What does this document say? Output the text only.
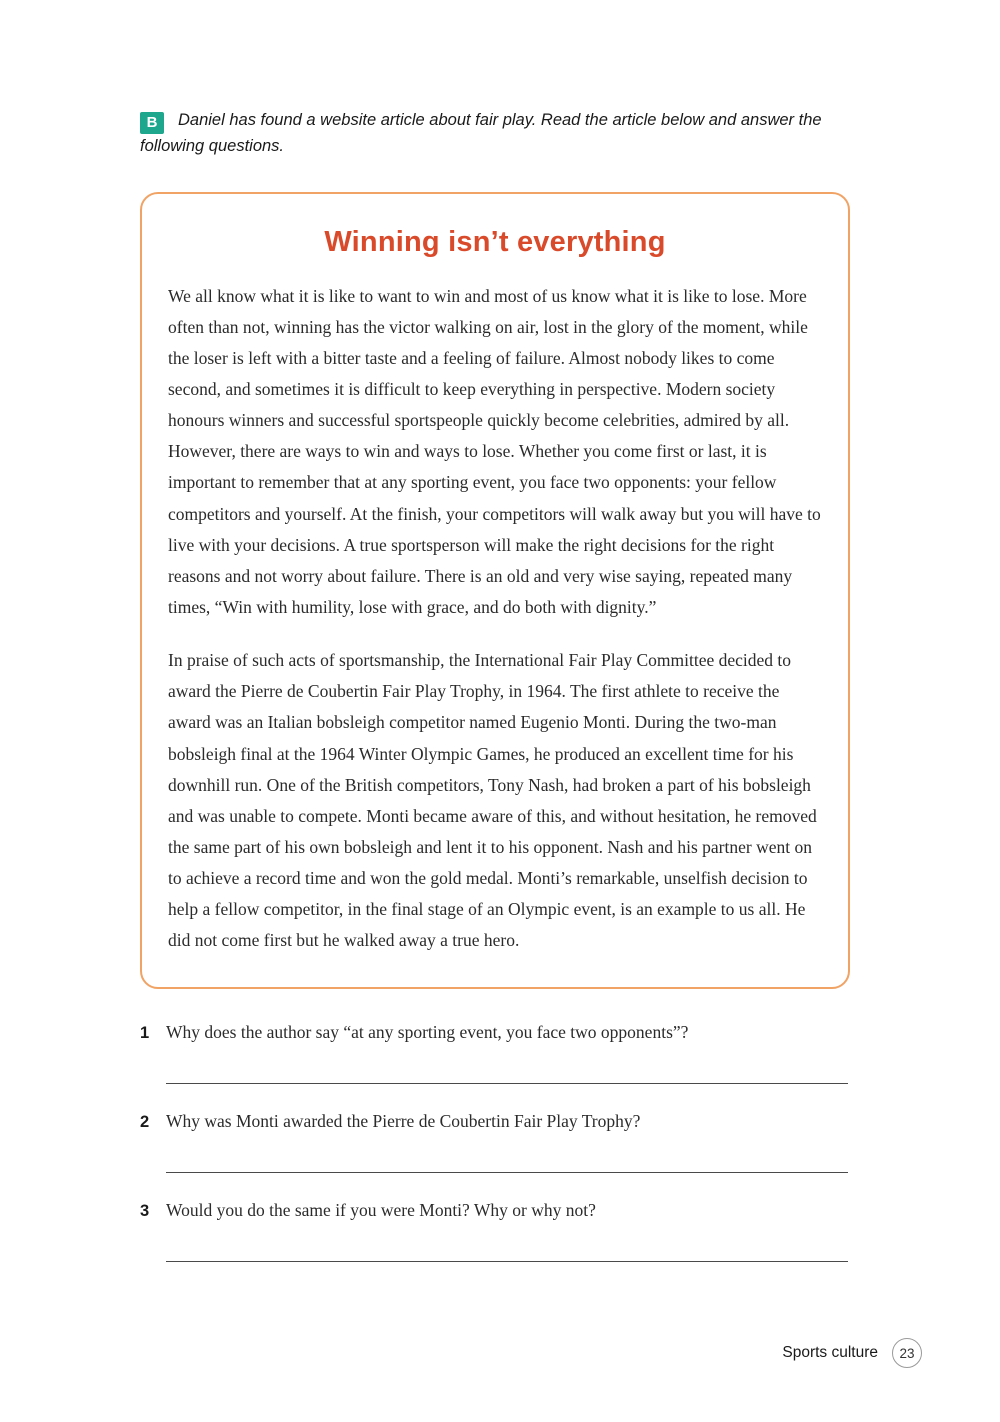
B Daniel has found a website article about fair play. Read the article below and answer the following questions.
Winning isn’t everything

We all know what it is like to want to win and most of us know what it is like to lose. More often than not, winning has the victor walking on air, lost in the glory of the moment, while the loser is left with a bitter taste and a feeling of failure. Almost nobody likes to come second, and sometimes it is difficult to keep everything in perspective. Modern society honours winners and successful sportspeople quickly become celebrities, admired by all. However, there are ways to win and ways to lose. Whether you come first or last, it is important to remember that at any sporting event, you face two opponents: your fellow competitors and yourself. At the finish, your competitors will walk away but you will have to live with your decisions. A true sportsperson will make the right decisions for the right reasons and not worry about failure. There is an old and very wise saying, repeated many times, “Win with humility, lose with grace, and do both with dignity.”

In praise of such acts of sportsmanship, the International Fair Play Committee decided to award the Pierre de Coubertin Fair Play Trophy, in 1964. The first athlete to receive the award was an Italian bobsleigh competitor named Eugenio Monti. During the two-man bobsleigh final at the 1964 Winter Olympic Games, he produced an excellent time for his downhill run. One of the British competitors, Tony Nash, had broken a part of his bobsleigh and was unable to compete. Monti became aware of this, and without hesitation, he removed the same part of his own bobsleigh and lent it to his opponent. Nash and his partner went on to achieve a record time and won the gold medal. Monti’s remarkable, unselfish decision to help a fellow competitor, in the final stage of an Olympic event, is an example to us all. He did not come first but he walked away a true hero.

1 Why does the author say “at any sporting event, you face two opponents”?
2 Why was Monti awarded the Pierre de Coubertin Fair Play Trophy?
3 Would you do the same if you were Monti? Why or why not?
Sports culture	23
